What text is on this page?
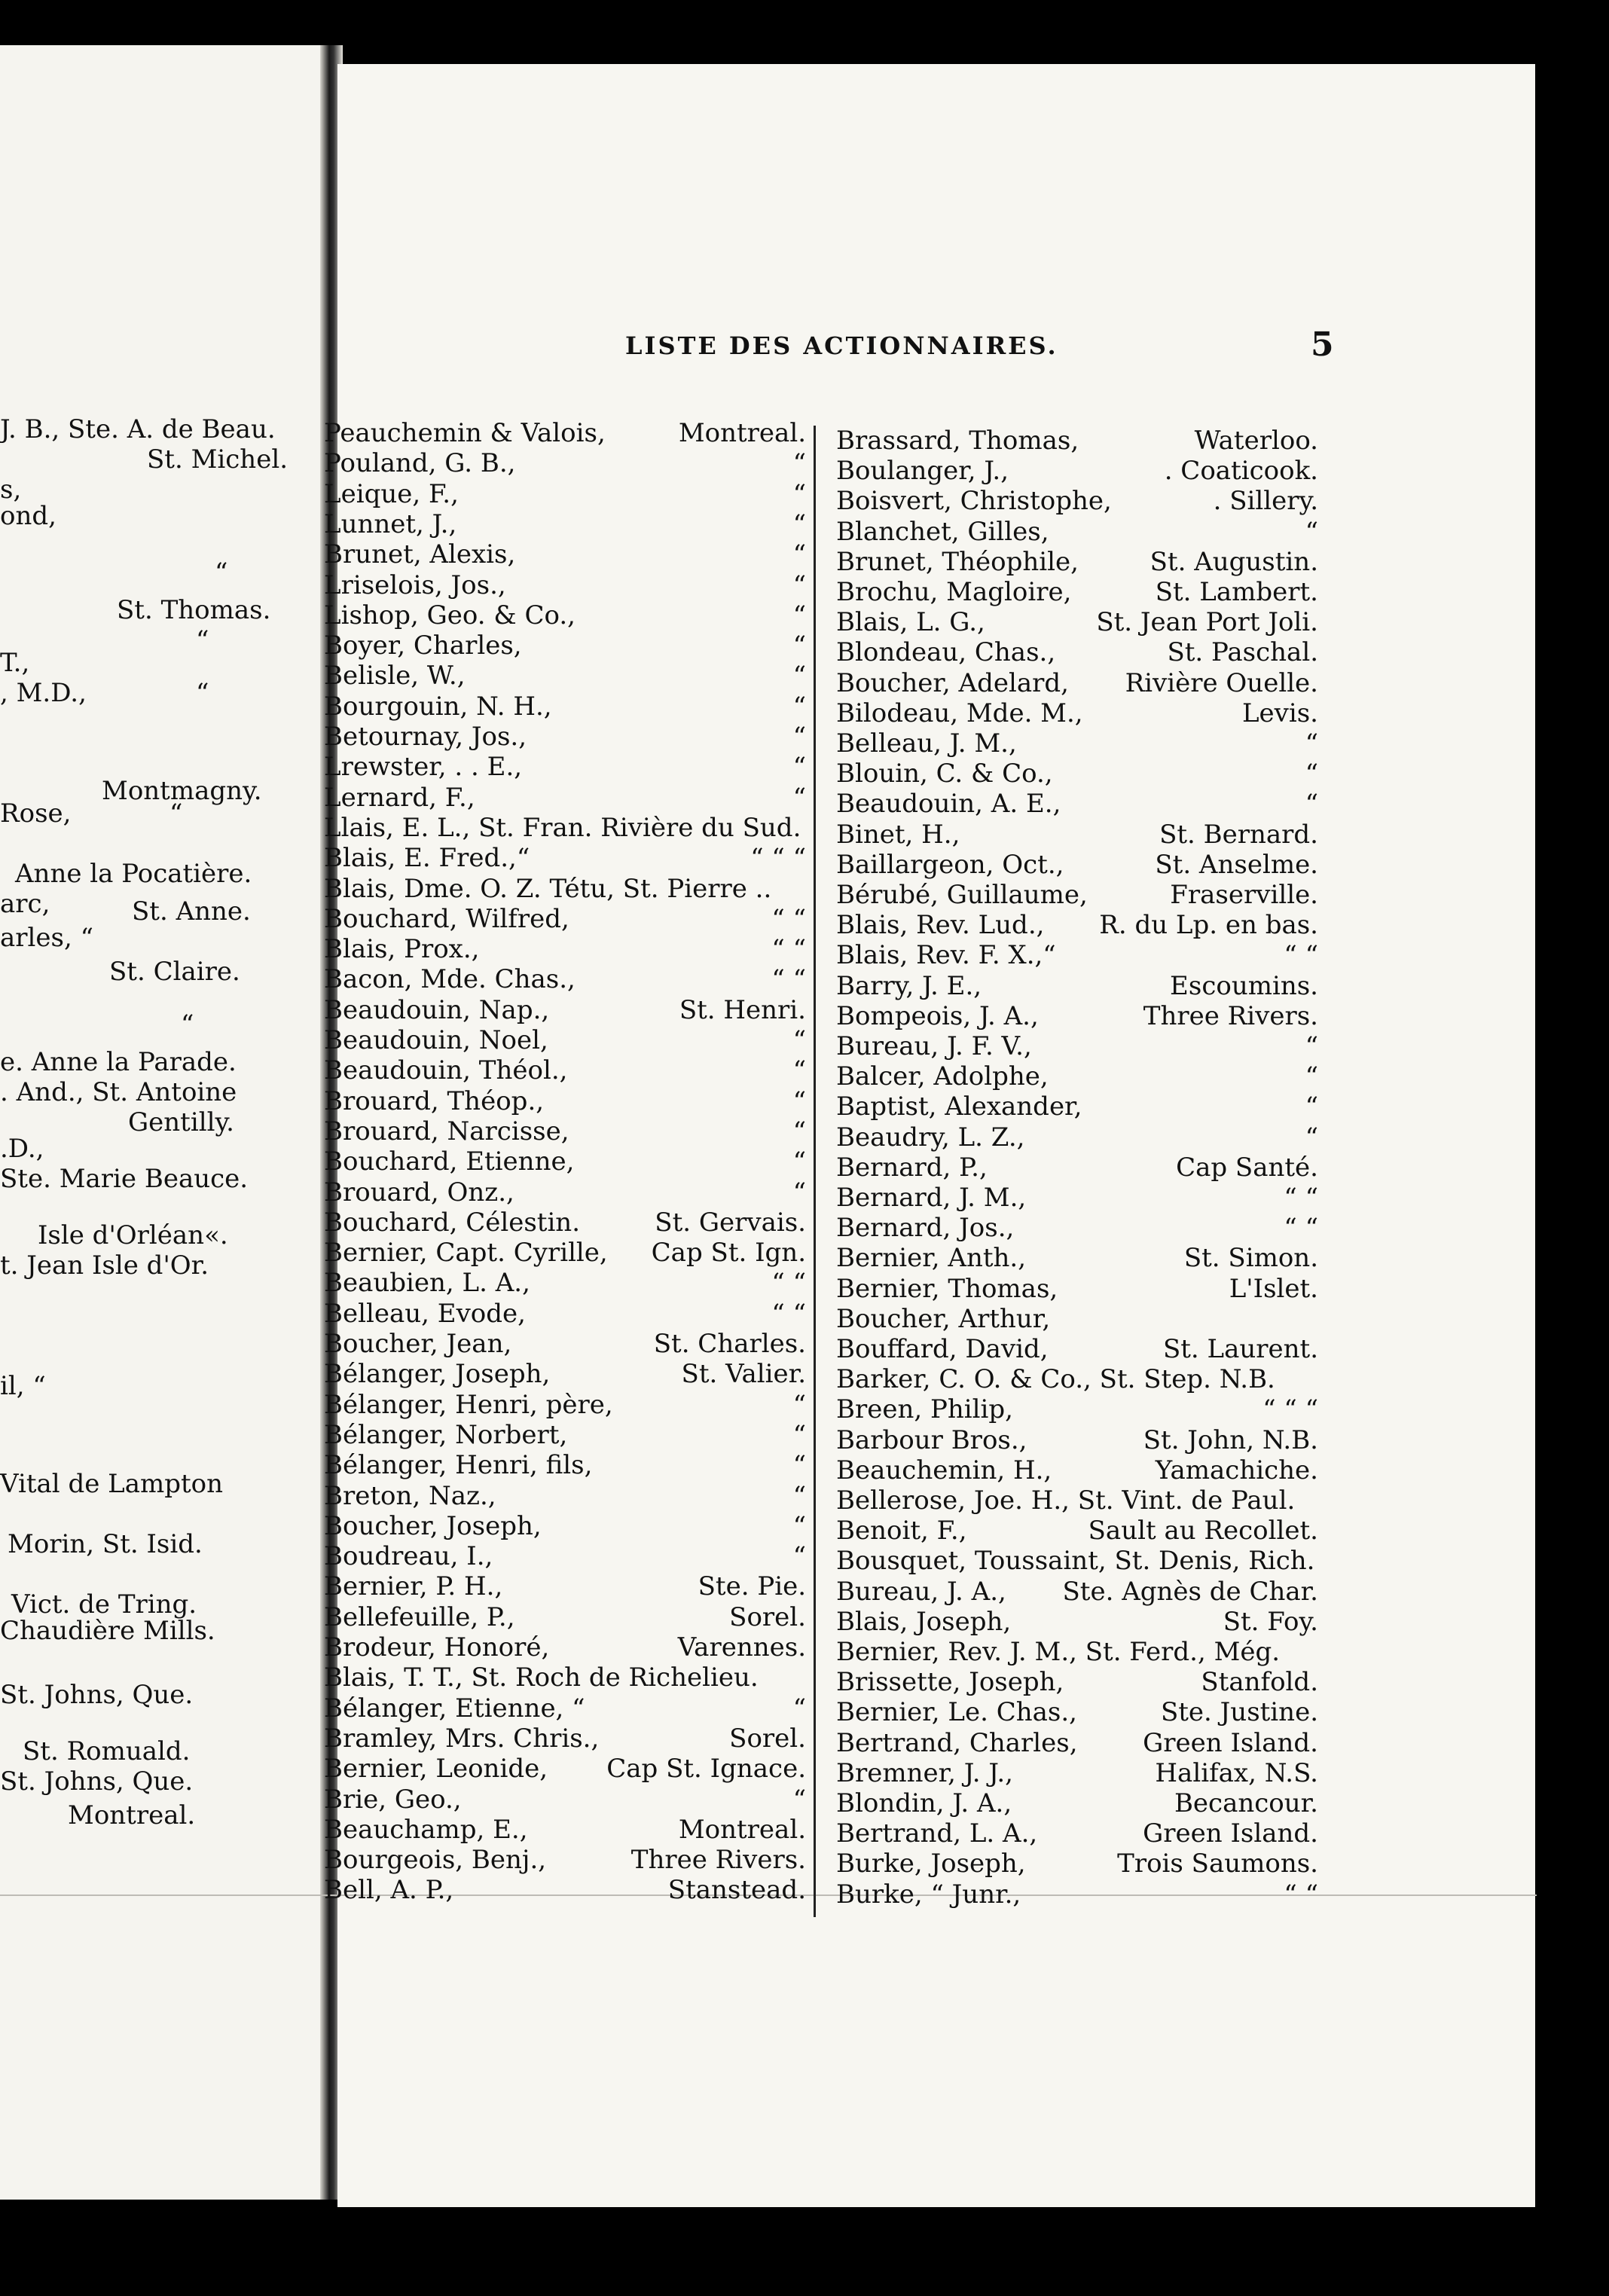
LISTE DES ACTIONNAIRES.	5
J. B., Ste. A. de Beau.
St. Michel.
s,
ond,
“
St. Thomas.
“
T.,
, M.D.,	“
Montmagny.
Rose,	“
Anne la Pocatière.
arc,	St. Anne.
arles, “
St. Claire.
“
e. Anne la Parade.
. And., St. Antoine
Gentilly.
.D.,
Ste. Marie Beauce.
Isle d'Orléan«.
t. Jean Isle d'Or.
il, “
Vital de Lampton
Morin, St. Isid.
Vict. de Tring.
Chaudière Mills.
St. Johns, Que.
St. Romuald.
St. Johns, Que.
Montreal.
Peauchemin & Valois,	Montreal.
Pouland, G. B.,	“
Leique, F.,	“
Lunnet, J.,	“
Brunet, Alexis,	“
Lriselois, Jos.,	“
Lishop, Geo. & Co.,	“
Boyer, Charles,	“
Belisle, W.,	“
Bourgouin, N. H.,	“
Betournay, Jos.,	“
Lrewster, . . E.,	“
Lernard, F.,	“
Llais, E. L., St. Fran. Rivière du Sud.
Blais, E. Fred.,“	“ “ “
Blais, Dme. O. Z. Tétu, St. Pierre ..
Bouchard, Wilfred,	“ “
Blais, Prox.,	“ “
Bacon, Mde. Chas.,	“ “
Beaudouin, Nap.,	St. Henri.
Beaudouin, Noel,	“
Beaudouin, Théol.,	“
Brouard, Théop.,	“
Brouard, Narcisse,	“
Bouchard, Etienne,	“
Brouard, Onz.,	“
Bouchard, Célestin.	St. Gervais.
Bernier, Capt. Cyrille, Cap St. Ign.
Beaubien, L. A.,	“ “
Belleau, Evode,	“ “
Boucher, Jean,	St. Charles.
Bélanger, Joseph,	St. Valier.
Bélanger, Henri, père,	“
Bélanger, Norbert,	“
Bélanger, Henri, fils,	“
Breton, Naz.,	“
Boucher, Joseph,	“
Boudreau, I.,	“
Bernier, P. H.,	Ste. Pie.
Bellefeuille, P.,	Sorel.
Brodeur, Honoré,	Varennes.
Blais, T. T., St. Roch de Richelieu.
Bélanger, Etienne, “	“
Bramley, Mrs. Chris.,	Sorel.
Bernier, Leonide, Cap St. Ignace.
Brie, Geo.,	“
Beauchamp, E.,	Montreal.
Bourgeois, Benj.,	Three Rivers.
Bell, A. P.,	Stanstead.
Brassard, Thomas,	Waterloo.
Boulanger, J.,	. Coaticook.
Boisvert, Christophe,	. Sillery.
Blanchet, Gilles,	“
Brunet, Théophile,	St. Augustin.
Brochu, Magloire,	St. Lambert.
Blais, L. G.,	St. Jean Port Joli.
Blondeau, Chas.,	St. Paschal.
Boucher, Adelard, Rivière Ouelle.
Bilodeau, Mde. M.,	Levis.
Belleau, J. M.,	“
Blouin, C. & Co.,	“
Beaudouin, A. E.,	“
Binet, H.,	St. Bernard.
Baillargeon, Oct.,	St. Anselme.
Bérubé, Guillaume,	Fraserville.
Blais, Rev. Lud., R. du Lp. en bas.
Blais, Rev. F. X.,“	“ “
Barry, J. E.,	Escoumins.
Bompeois, J. A.,	Three Rivers.
Bureau, J. F. V.,	“
Balcer, Adolphe,	“
Baptist, Alexander,	“
Beaudry, L. Z.,	“
Bernard, P.,	Cap Santé.
Bernard, J. M.,	“ “
Bernard, Jos.,	“ “
Bernier, Anth.,	St. Simon.
Bernier, Thomas,	L'Islet.
Boucher, Arthur,
Bouffard, David,	St. Laurent.
Barker, C. O. & Co., St. Step. N.B.
Breen, Philip,	“ “ “
Barbour Bros.,	St. John, N.B.
Beauchemin, H.,	Yamachiche.
Bellerose, Joe. H., St. Vint. de Paul.
Benoit, F.,	Sault au Recollet.
Bousquet, Toussaint, St. Denis, Rich.
Bureau, J. A., Ste. Agnès de Char.
Blais, Joseph,	St. Foy.
Bernier, Rev. J. M., St. Ferd., Még.
Brissette, Joseph,	Stanfold.
Bernier, Le. Chas.,	Ste. Justine.
Bertrand, Charles,	Green Island.
Bremner, J. J.,	Halifax, N.S.
Blondin, J. A.,	Becancour.
Bertrand, L. A.,	Green Island.
Burke, Joseph,	Trois Saumons.
Burke, “ Junr.,	“ “
